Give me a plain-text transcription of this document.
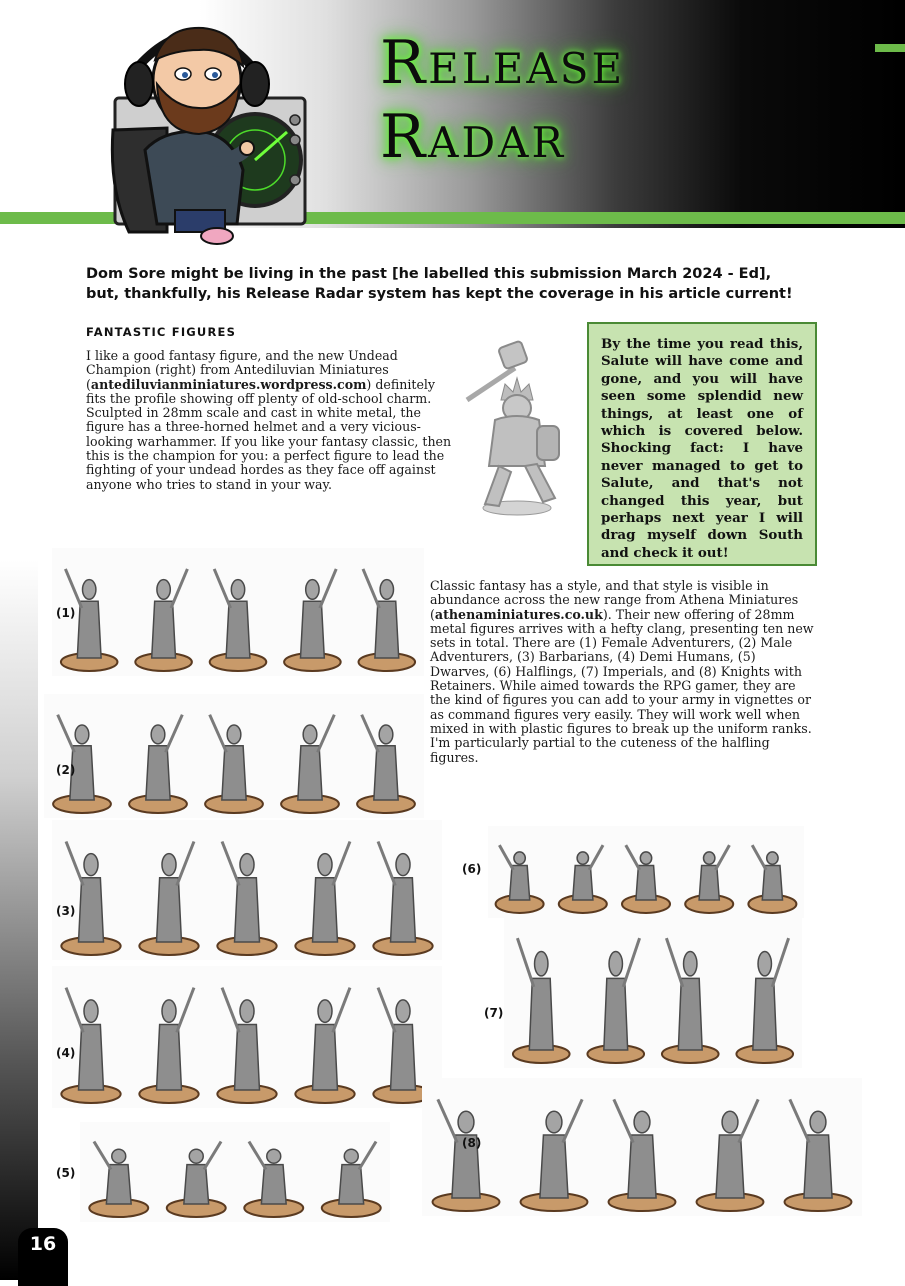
Release
Radar

Dom Sore might be living in the past [he labelled this submission March 2024 - Ed], but, thankfully, his Release Radar system has kept the coverage in his article current!

FANTASTIC FIGURES

I like a good fantasy figure, and the new Undead Champion (right) from Antediluvian Miniatures (antediluvianminiatures.wordpress.com) definitely fits the profile showing off plenty of old-school charm. Sculpted in 28mm scale and cast in white metal, the figure has a three-horned helmet and a very vicious-looking warhammer. If you like your fantasy classic, then this is the champion for you: a perfect figure to lead the fighting of your undead hordes as they face off against anyone who tries to stand in your way.

By the time you read this, Salute will have come and gone, and you will have seen some splendid new things, at least one of which is covered below. Shocking fact: I have never managed to get to Salute, and that's not changed this year, but perhaps next year I will drag myself down South and check it out!

Classic fantasy has a style, and that style is visible in abundance across the new range from Athena Miniatures (athenaminiatures.co.uk). Their new offering of 28mm metal figures arrives with a hefty clang, presenting ten new sets in total. There are (1) Female Adventurers, (2) Male Adventurers, (3) Barbarians, (4) Demi Humans, (5) Dwarves, (6) Halflings, (7) Imperials, and (8) Knights with Retainers. While aimed towards the RPG gamer, they are the kind of figures you can add to your army in vignettes or as command figures very easily. They will work well when mixed in with plastic figures to break up the uniform ranks. I'm particularly partial to the cuteness of the halfling figures.

(1)
(2)
(3)
(4)
(5)
(6)
(7)
(8)
16
